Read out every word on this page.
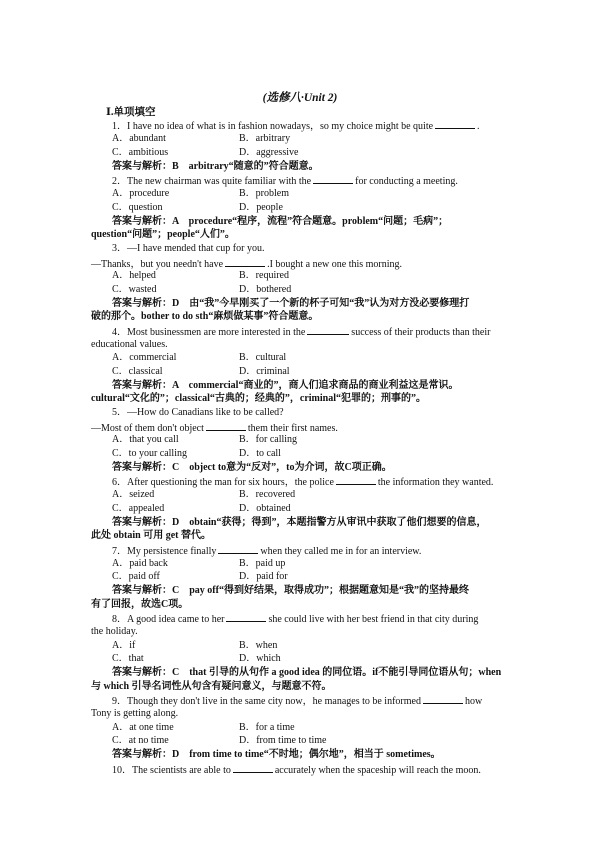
(选修八·Unit 2)
Ⅰ.单项填空
1．I have no idea of what is in fashion nowadays，so my choice might be quite	.
A．abundant	B．arbitrary
C．ambitious	D．aggressive
答案与解析：B　arbitrary“随意的”符合题意。
2．The new chairman was quite familiar with the	for conducting a meeting.
A．procedure	B．problem
C．question	D．people
答案与解析：A　procedure“程序，流程”符合题意。problem“问题；毛病”；
question“问题”；people“人们”。
3．—I have mended that cup for you.
—Thanks，but you needn't have	.I bought a new one this morning.
A．helped	B．required
C．wasted	D．bothered
答案与解析：D　由“我”今早刚买了一个新的杯子可知“我”认为对方没必要修理打
破的那个。bother to do sth“麻烦做某事”符合题意。
4．Most businessmen are more interested in the	success of their products than their
educational values.
A．commercial	B．cultural
C．classical	D．criminal
答案与解析：A　commercial“商业的”，商人们追求商品的商业利益这是常识。
cultural“文化的”；classical“古典的；经典的”，criminal“犯罪的；刑事的”。
5．—How do Canadians like to be called?
—Most of them don't object	them their first names.
A．that you call	B．for calling
C．to your calling	D．to call
答案与解析：C　object to意为“反对”，to为介词，故C项正确。
6．After questioning the man for six hours，the police	the information they wanted.
A．seized	B．recovered
C．appealed	D．obtained
答案与解析：D　obtain“获得；得到”，本题指警方从审讯中获取了他们想要的信息，
此处 obtain 可用 get 替代。
7．My persistence finally	when they called me in for an interview.
A．paid back	B．paid up
C．paid off	D．paid for
答案与解析：C　pay off“得到好结果，取得成功”；根据题意知是“我”的坚持最终
有了回报，故选C项。
8．A good idea came to her	she could live with her best friend in that city during
the holiday.
A．if	B．when
C．that	D．which
答案与解析：C　that 引导的从句作 a good idea 的同位语。if不能引导同位语从句；when
与 which 引导名词性从句含有疑问意义，与题意不符。
9．Though they don't live in the same city now，he manages to be informed	how
Tony is getting along.
A．at one time	B．for a time
C．at no time	D．from time to time
答案与解析：D　from time to time“不时地；偶尔地”，相当于 sometimes。
10．The scientists are able to	accurately when the spaceship will reach the moon.
